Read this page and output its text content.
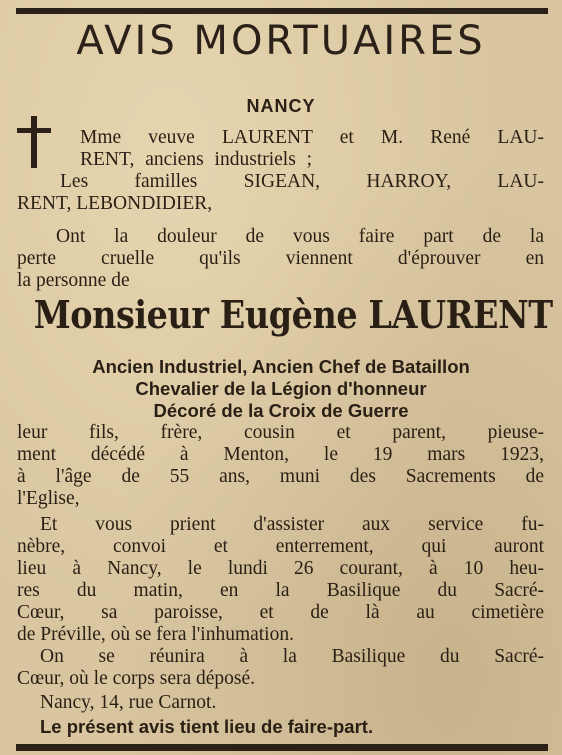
AVIS MORTUAIRES
NANCY
Mme veuve LAURENT et M. René LAU-
RENT, anciens industriels ;
Les familles SIGEAN, HARROY, LAU-
RENT, LEBONDIDIER,
Ont la douleur de vous faire part de la
perte cruelle qu'ils viennent d'éprouver en
la personne de
Monsieur Eugène LAURENT
Ancien Industriel, Ancien Chef de Bataillon
Chevalier de la Légion d'honneur
Décoré de la Croix de Guerre
leur fils, frère, cousin et parent, pieuse-
ment décédé à Menton, le 19 mars 1923,
à l'âge de 55 ans, muni des Sacrements de
l'Eglise,
Et vous prient d'assister aux service fu-
nèbre, convoi et enterrement, qui auront
lieu à Nancy, le lundi 26 courant, à 10 heu-
res du matin, en la Basilique du Sacré-
Cœur, sa paroisse, et de là au cimetière
de Préville, où se fera l'inhumation.
On se réunira à la Basilique du Sacré-
Cœur, où le corps sera déposé.
Nancy, 14, rue Carnot.
Le présent avis tient lieu de faire-part.
